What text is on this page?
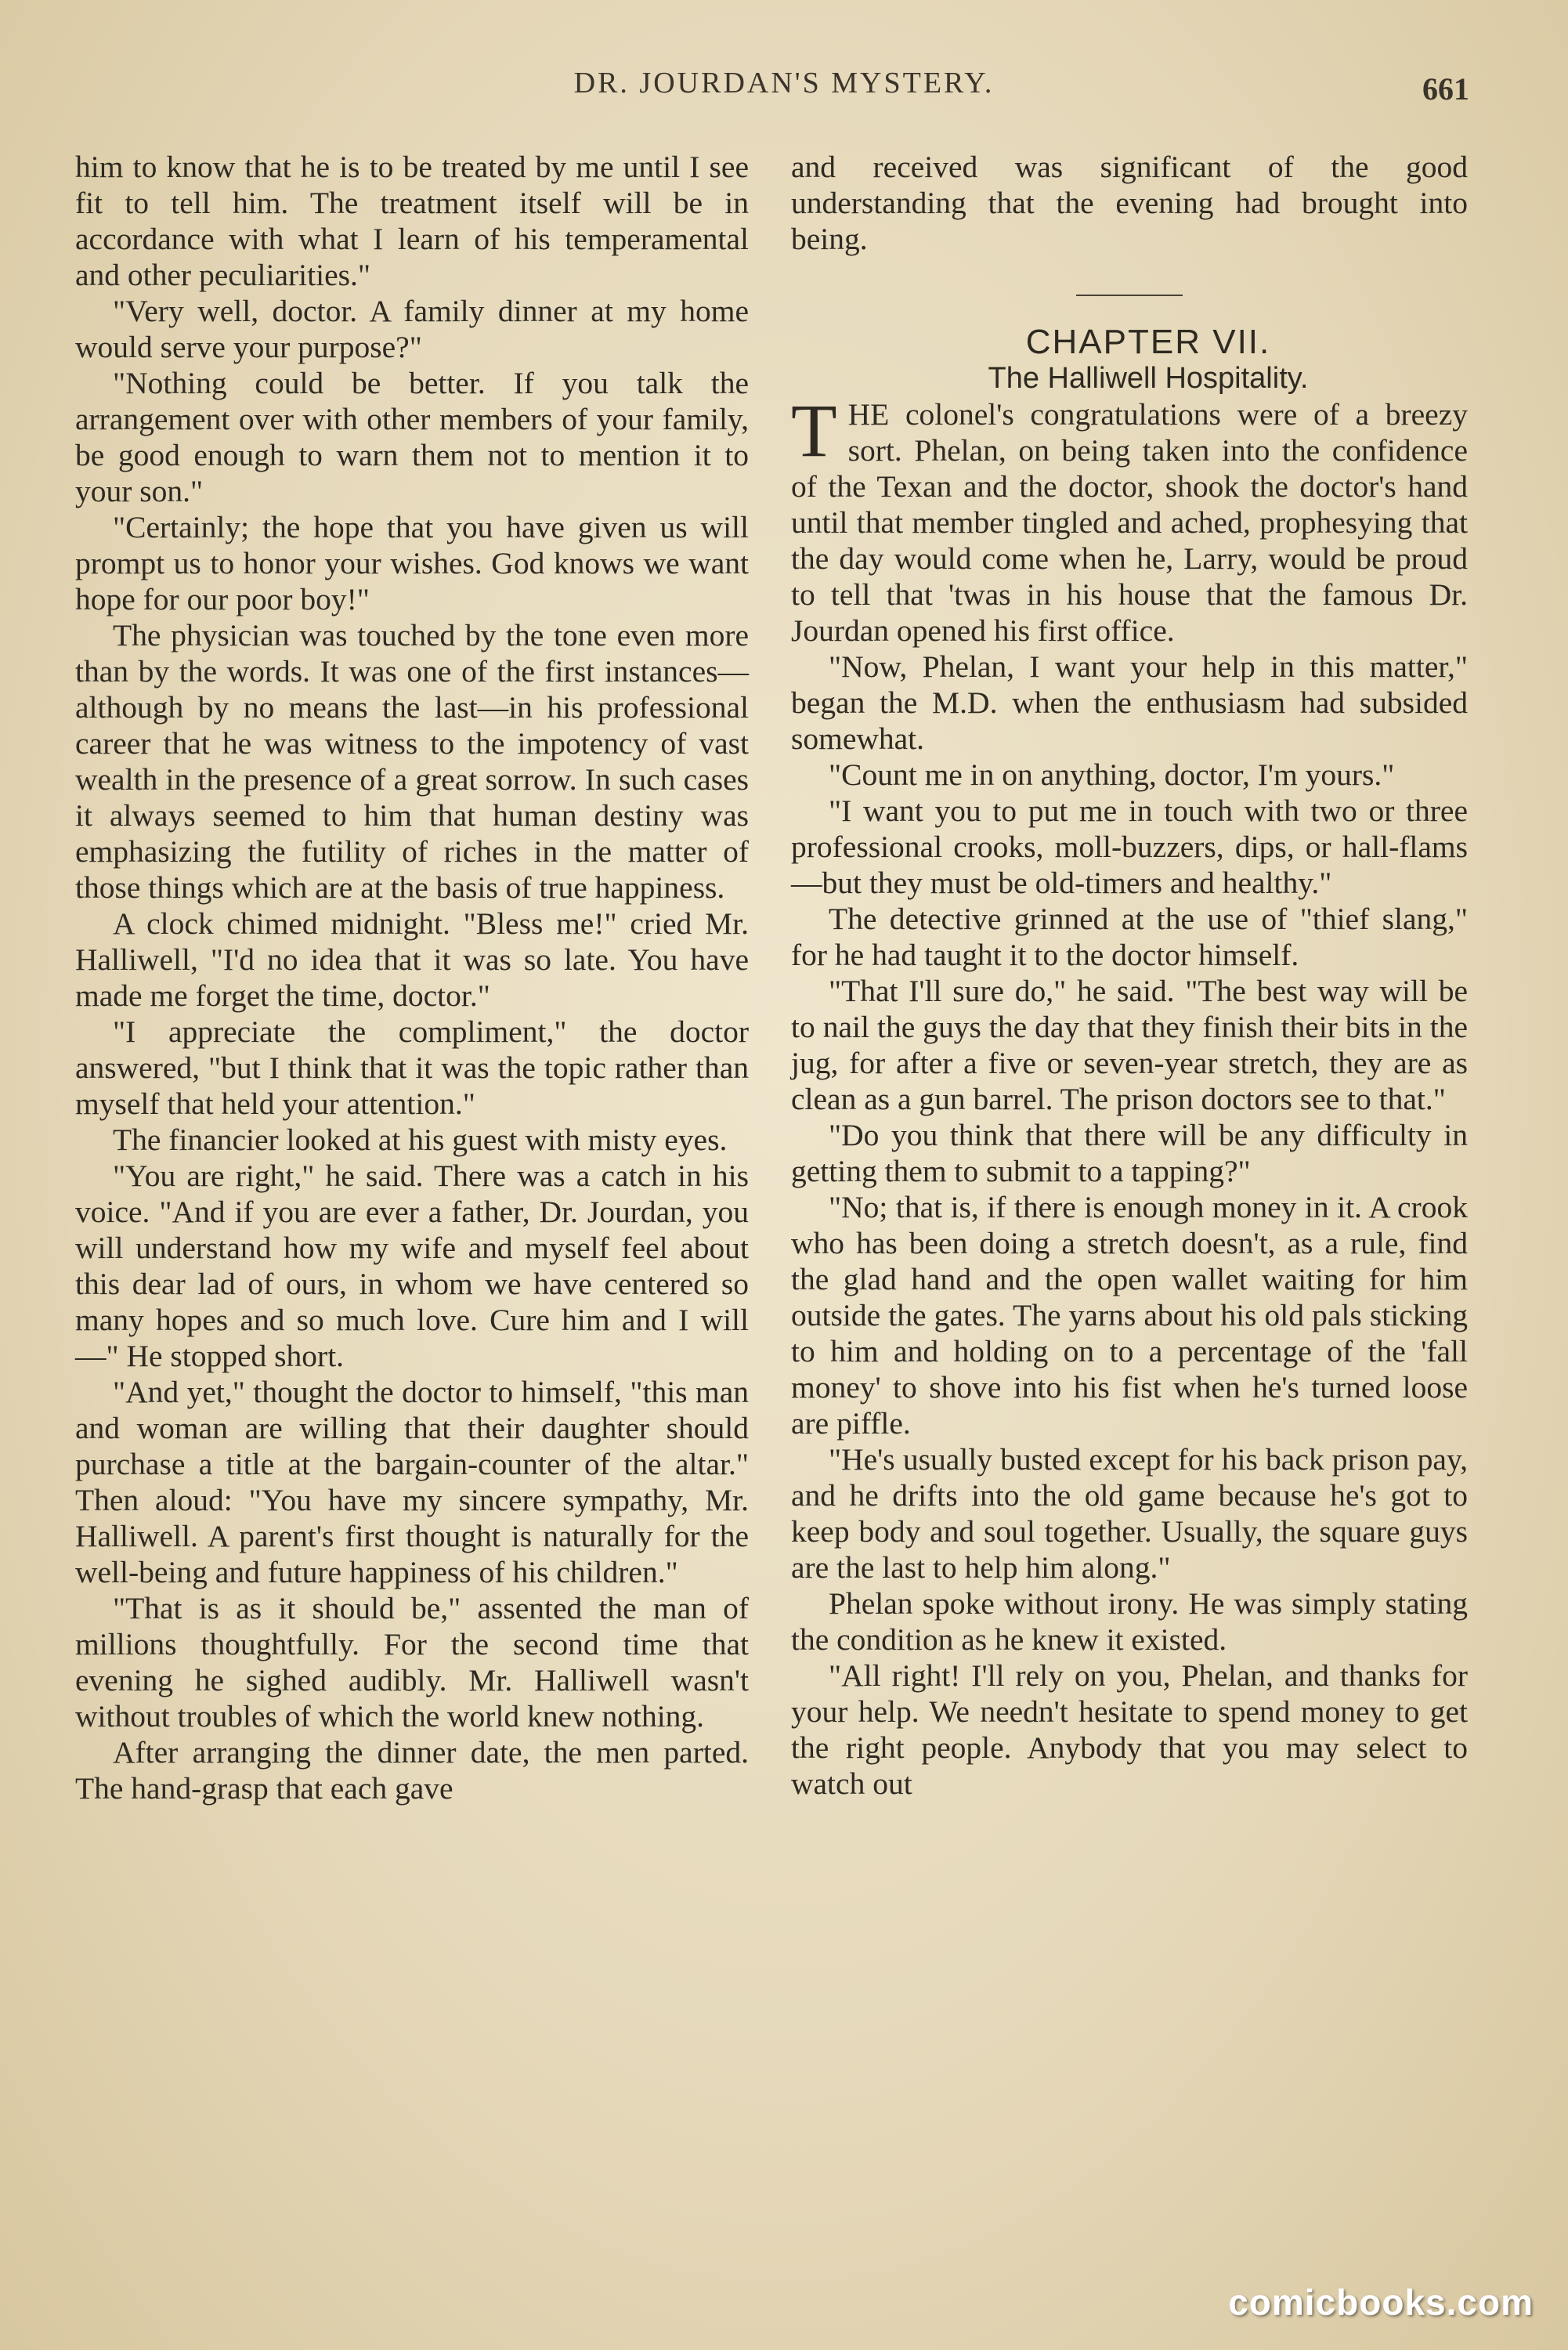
DR. JOURDAN'S MYSTERY.	661

him to know that he is to be treated by me until I see fit to tell him. The treatment itself will be in accordance with what I learn of his temperamental and other peculiarities."

"Very well, doctor. A family dinner at my home would serve your purpose?"

"Nothing could be better. If you talk the arrangement over with other members of your family, be good enough to warn them not to mention it to your son."

"Certainly; the hope that you have given us will prompt us to honor your wishes. God knows we want hope for our poor boy!"

The physician was touched by the tone even more than by the words. It was one of the first instances—although by no means the last—in his professional career that he was witness to the impotency of vast wealth in the presence of a great sorrow. In such cases it always seemed to him that human destiny was emphasizing the futility of riches in the matter of those things which are at the basis of true happiness.

A clock chimed midnight. "Bless me!" cried Mr. Halliwell, "I'd no idea that it was so late. You have made me forget the time, doctor."

"I appreciate the compliment," the doctor answered, "but I think that it was the topic rather than myself that held your attention."

The financier looked at his guest with misty eyes.

"You are right," he said. There was a catch in his voice. "And if you are ever a father, Dr. Jourdan, you will understand how my wife and myself feel about this dear lad of ours, in whom we have centered so many hopes and so much love. Cure him and I will—" He stopped short.

"And yet," thought the doctor to himself, "this man and woman are willing that their daughter should purchase a title at the bargain-counter of the altar." Then aloud: "You have my sincere sympathy, Mr. Halliwell. A parent's first thought is naturally for the well-being and future happiness of his children."

"That is as it should be," assented the man of millions thoughtfully. For the second time that evening he sighed audibly. Mr. Halliwell wasn't without troubles of which the world knew nothing.

After arranging the dinner date, the men parted. The hand-grasp that each gave

and received was significant of the good understanding that the evening had brought into being.

CHAPTER VII.

The Halliwell Hospitality.

THE colonel's congratulations were of a breezy sort. Phelan, on being taken into the confidence of the Texan and the doctor, shook the doctor's hand until that member tingled and ached, prophesying that the day would come when he, Larry, would be proud to tell that 'twas in his house that the famous Dr. Jourdan opened his first office.

"Now, Phelan, I want your help in this matter," began the M.D. when the enthusiasm had subsided somewhat.

"Count me in on anything, doctor, I'm yours."

"I want you to put me in touch with two or three professional crooks, moll-buzzers, dips, or hall-flams—but they must be old-timers and healthy."

The detective grinned at the use of "thief slang," for he had taught it to the doctor himself.

"That I'll sure do," he said. "The best way will be to nail the guys the day that they finish their bits in the jug, for after a five or seven-year stretch, they are as clean as a gun barrel. The prison doctors see to that."

"Do you think that there will be any difficulty in getting them to submit to a tapping?"

"No; that is, if there is enough money in it. A crook who has been doing a stretch doesn't, as a rule, find the glad hand and the open wallet waiting for him outside the gates. The yarns about his old pals sticking to him and holding on to a percentage of the 'fall money' to shove into his fist when he's turned loose are piffle.

"He's usually busted except for his back prison pay, and he drifts into the old game because he's got to keep body and soul together. Usually, the square guys are the last to help him along."

Phelan spoke without irony. He was simply stating the condition as he knew it existed.

"All right! I'll rely on you, Phelan, and thanks for your help. We needn't hesitate to spend money to get the right people. Anybody that you may select to watch out

comicbooks.com
